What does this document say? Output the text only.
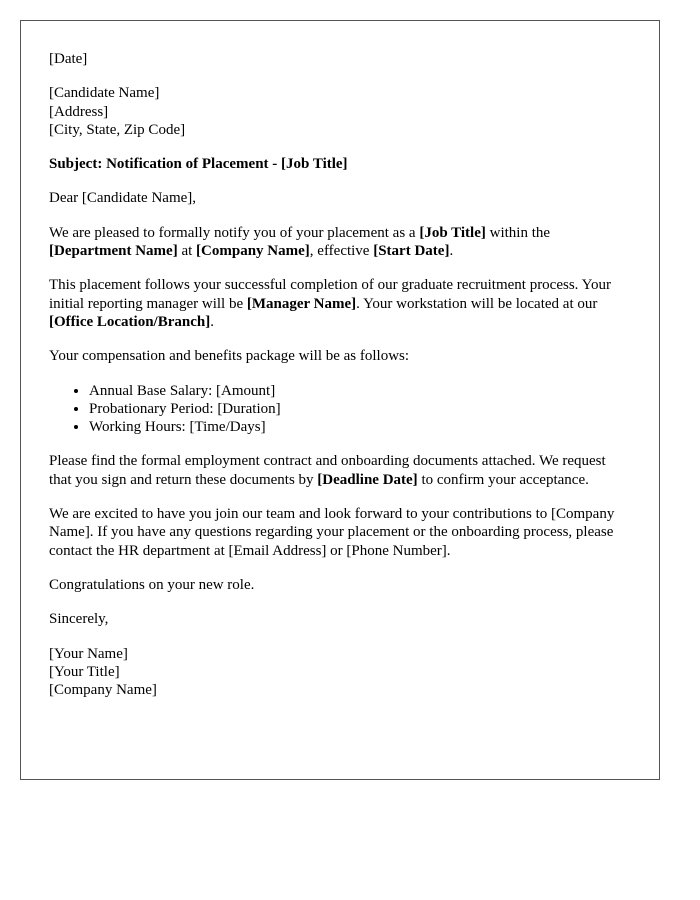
[Date]
[Candidate Name]
[Address]
[City, State, Zip Code]
Subject: Notification of Placement - [Job Title]
Dear [Candidate Name],

We are pleased to formally notify you of your placement as a [Job Title] within the [Department Name] at [Company Name], effective [Start Date].

This placement follows your successful completion of our graduate recruitment process. Your initial reporting manager will be [Manager Name]. Your workstation will be located at our [Office Location/Branch].

Your compensation and benefits package will be as follows:

• Annual Base Salary: [Amount]
• Probationary Period: [Duration]
• Working Hours: [Time/Days]

Please find the formal employment contract and onboarding documents attached. We request that you sign and return these documents by [Deadline Date] to confirm your acceptance.

We are excited to have you join our team and look forward to your contributions to [Company Name]. If you have any questions regarding your placement or the onboarding process, please contact the HR department at [Email Address] or [Phone Number].

Congratulations on your new role.

Sincerely,
[Your Name]
[Your Title]
[Company Name]
